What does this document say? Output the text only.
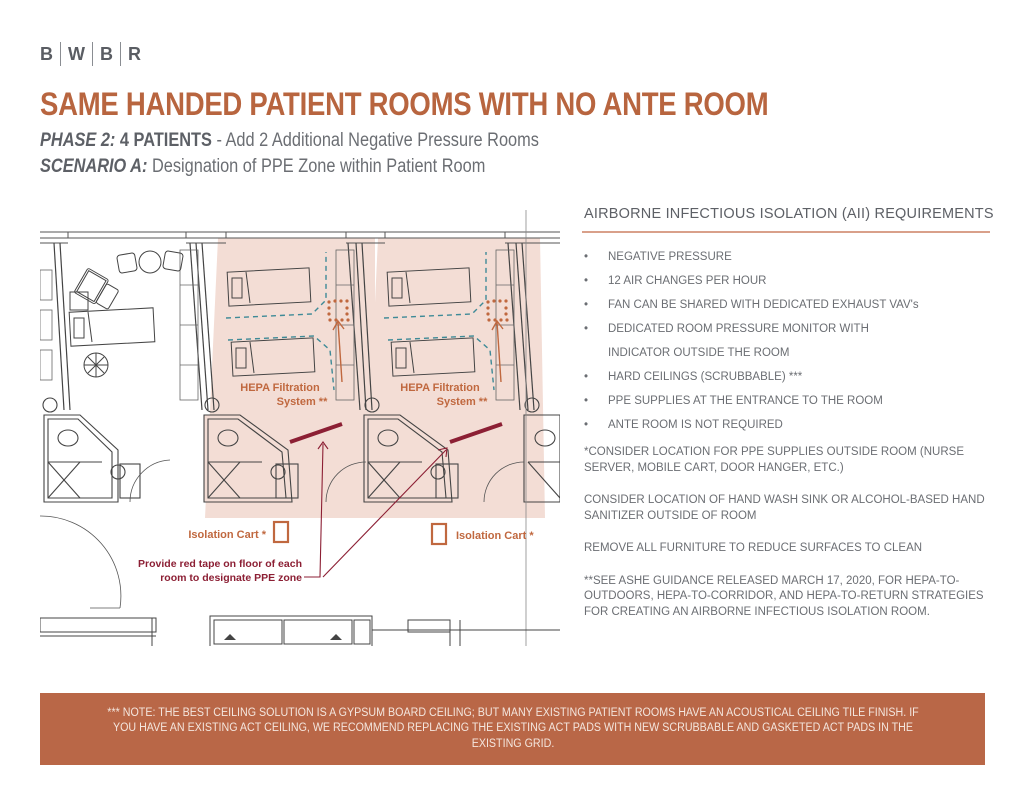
B W B R
SAME HANDED PATIENT ROOMS WITH NO ANTE ROOM
PHASE 2: 4 PATIENTS - Add 2 Additional Negative Pressure Rooms
SCENARIO A: Designation of PPE Zone within Patient Room
HEPA Filtration
System **
HEPA Filtration
System **
Isolation Cart *	Isolation Cart *
Provide red tape on floor of each
room to designate PPE zone
AIRBORNE INFECTIOUS ISOLATION (AII) REQUIREMENTS
• NEGATIVE PRESSURE
• 12 AIR CHANGES PER HOUR
• FAN CAN BE SHARED WITH DEDICATED EXHAUST VAV's
• DEDICATED ROOM PRESSURE MONITOR WITH
INDICATOR OUTSIDE THE ROOM
• HARD CEILINGS (SCRUBBABLE) ***
• PPE SUPPLIES AT THE ENTRANCE TO THE ROOM
• ANTE ROOM IS NOT REQUIRED

*CONSIDER LOCATION FOR PPE SUPPLIES OUTSIDE ROOM (NURSE SERVER, MOBILE CART, DOOR HANGER, ETC.)

CONSIDER LOCATION OF HAND WASH SINK OR ALCOHOL-BASED HAND SANITIZER OUTSIDE OF ROOM

REMOVE ALL FURNITURE TO REDUCE SURFACES TO CLEAN

**SEE ASHE GUIDANCE RELEASED MARCH 17, 2020, FOR HEPA-TO-OUTDOORS, HEPA-TO-CORRIDOR, AND HEPA-TO-RETURN STRATEGIES FOR CREATING AN AIRBORNE INFECTIOUS ISOLATION ROOM.

*** NOTE: THE BEST CEILING SOLUTION IS A GYPSUM BOARD CEILING; BUT MANY EXISTING PATIENT ROOMS HAVE AN ACOUSTICAL CEILING TILE FINISH. IF YOU HAVE AN EXISTING ACT CEILING, WE RECOMMEND REPLACING THE EXISTING ACT PADS WITH NEW SCRUBBABLE AND GASKETED ACT PADS IN THE EXISTING GRID.
